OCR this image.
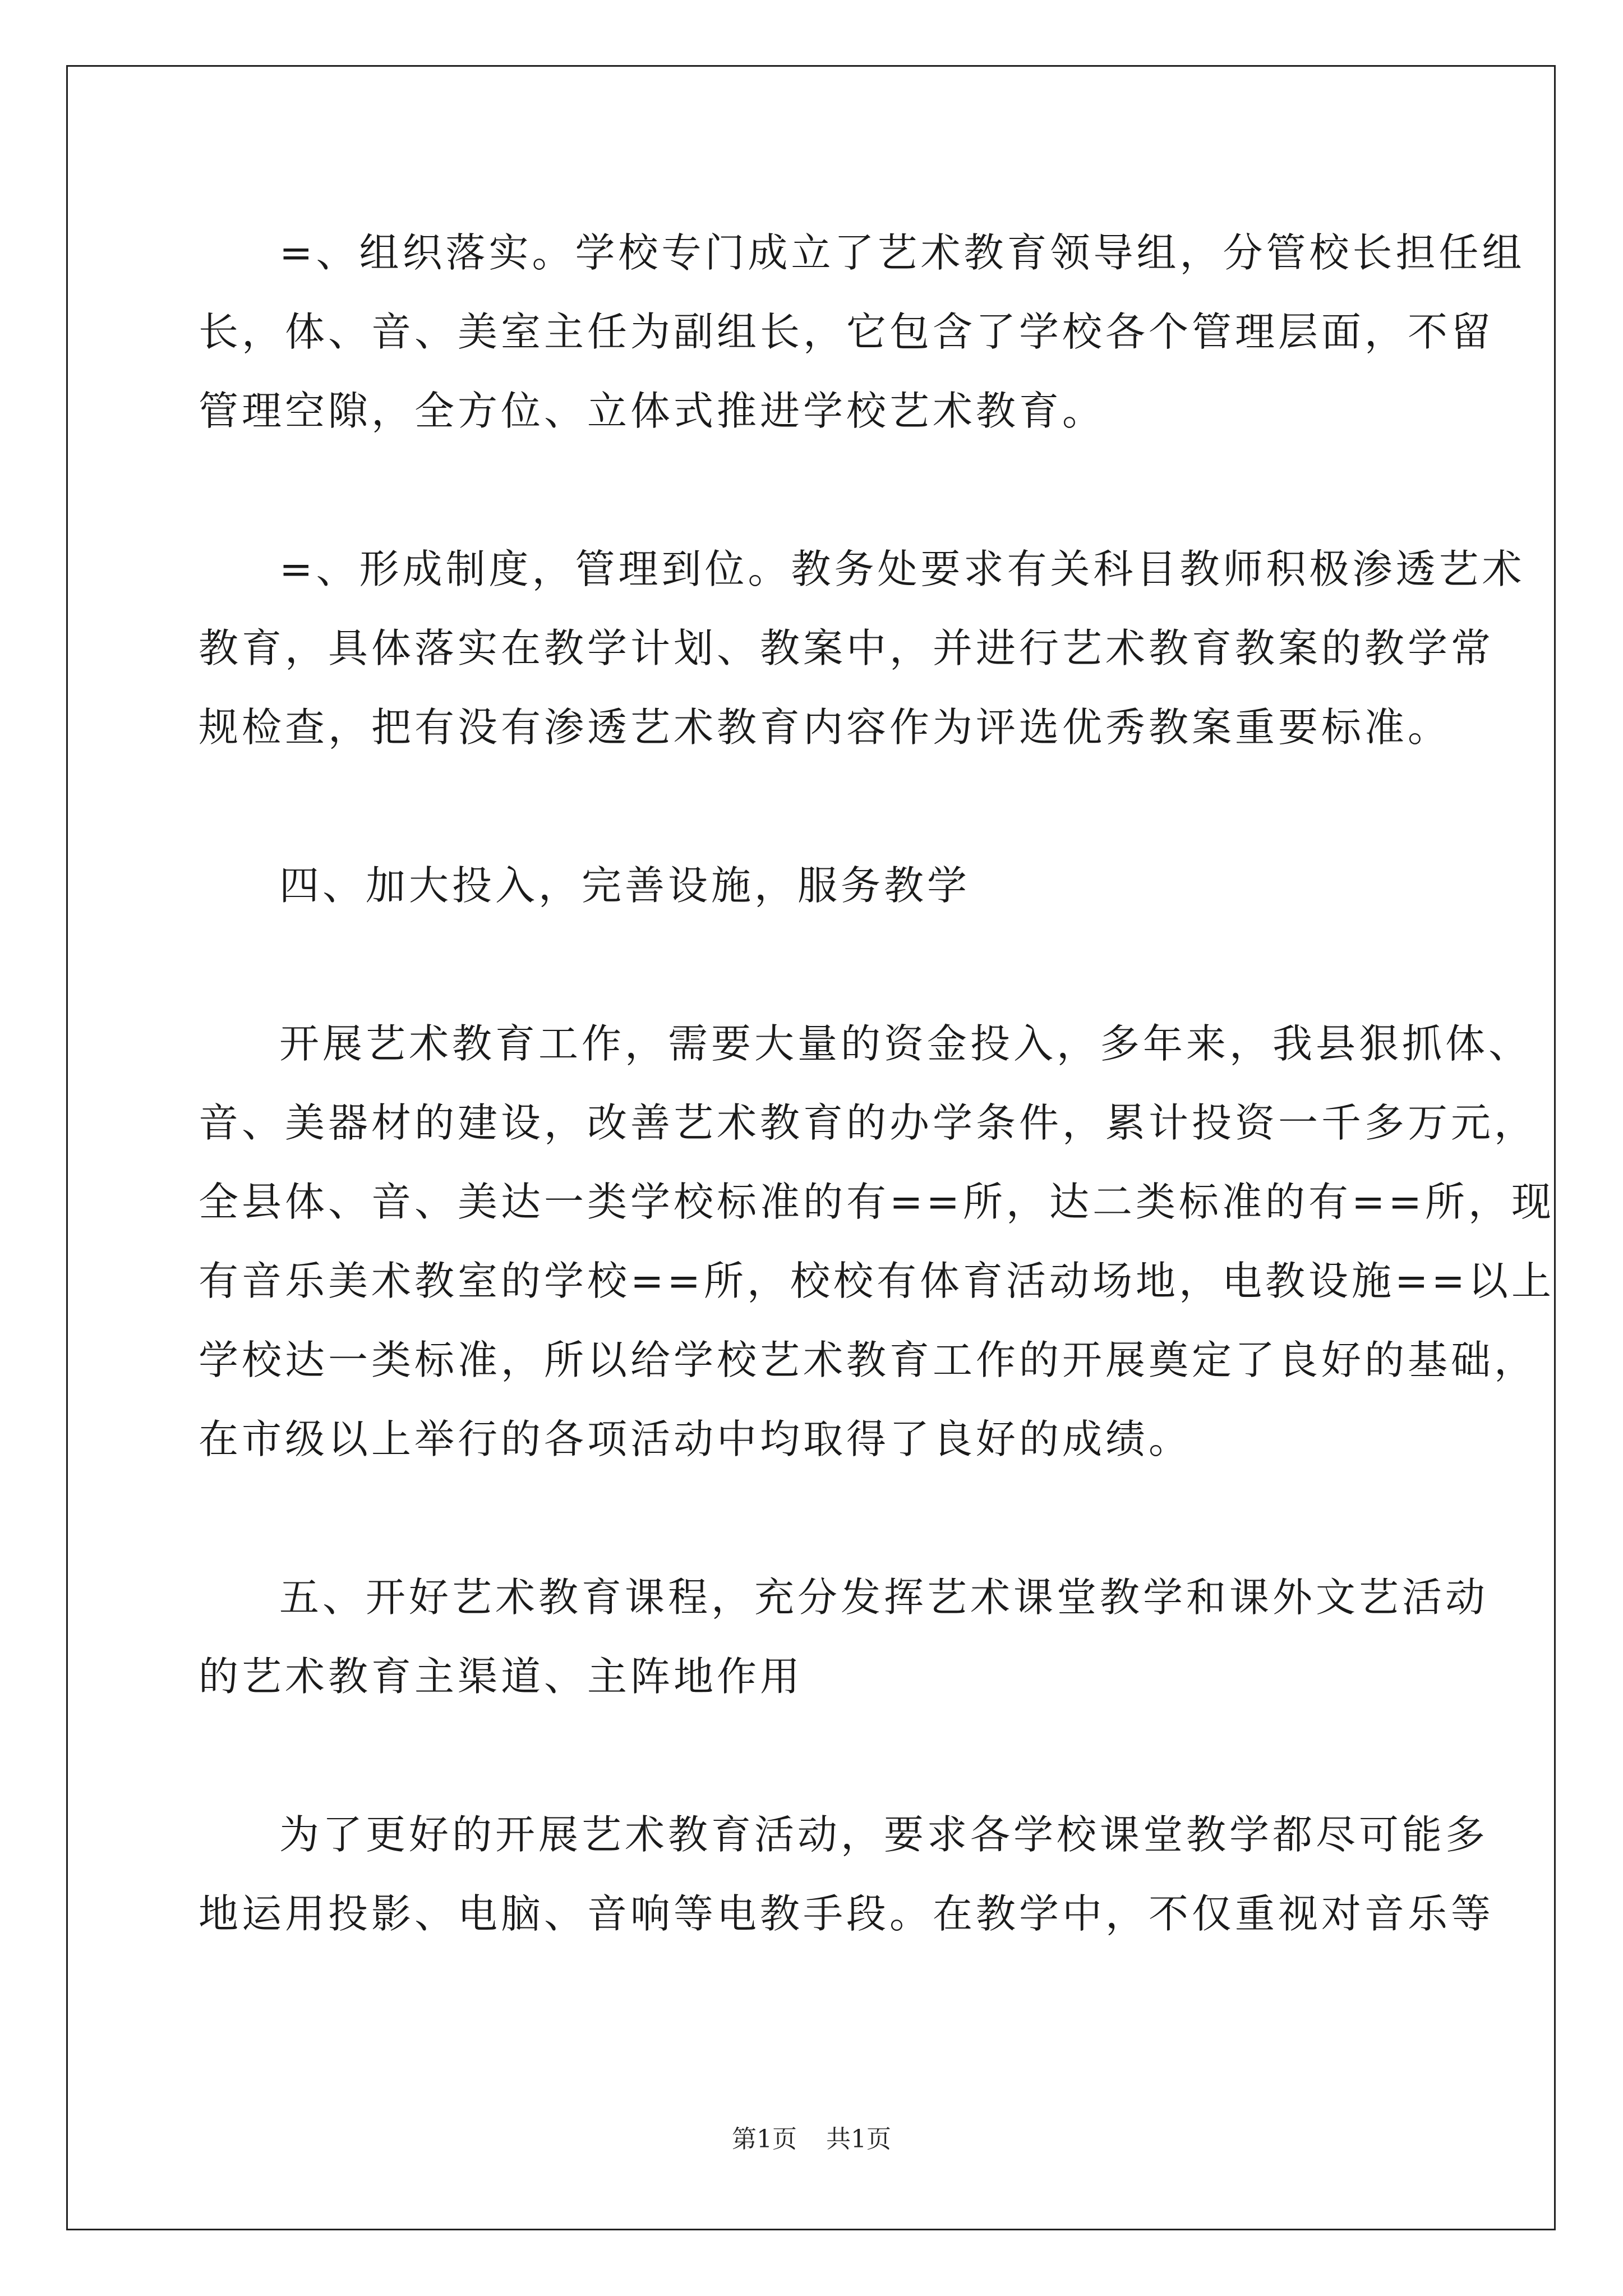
=、组织落实。学校专门成立了艺术教育领导组，分管校长担任组
长，体、音、美室主任为副组长，它包含了学校各个管理层面，不留
管理空隙，全方位、立体式推进学校艺术教育。
=、形成制度，管理到位。教务处要求有关科目教师积极渗透艺术
教育，具体落实在教学计划、教案中，并进行艺术教育教案的教学常
规检查，把有没有渗透艺术教育内容作为评选优秀教案重要标准。
四、加大投入，完善设施，服务教学
开展艺术教育工作，需要大量的资金投入，多年来，我县狠抓体、
音、美器材的建设，改善艺术教育的办学条件，累计投资一千多万元，
全县体、音、美达一类学校标准的有==所，达二类标准的有==所，现
有音乐美术教室的学校==所，校校有体育活动场地，电教设施==以上
学校达一类标准，所以给学校艺术教育工作的开展奠定了良好的基础，
在市级以上举行的各项活动中均取得了良好的成绩。
五、开好艺术教育课程，充分发挥艺术课堂教学和课外文艺活动
的艺术教育主渠道、主阵地作用
为了更好的开展艺术教育活动，要求各学校课堂教学都尽可能多
地运用投影、电脑、音响等电教手段。在教学中，不仅重视对音乐等
第1页 共1页
